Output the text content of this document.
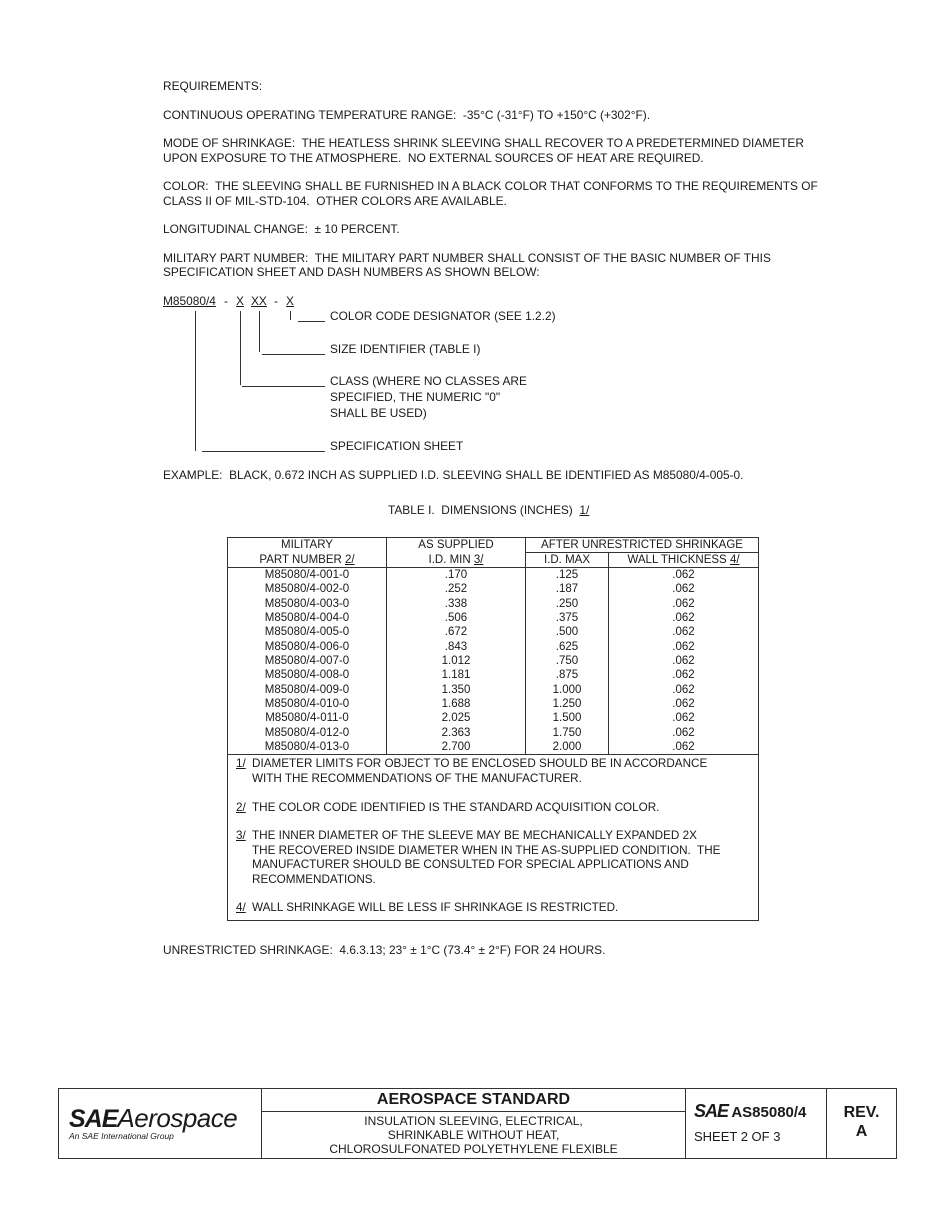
REQUIREMENTS:

CONTINUOUS OPERATING TEMPERATURE RANGE:  -35°C (-31°F) TO +150°C (+302°F).

MODE OF SHRINKAGE:  THE HEATLESS SHRINK SLEEVING SHALL RECOVER TO A PREDETERMINED DIAMETER

UPON EXPOSURE TO THE ATMOSPHERE.  NO EXTERNAL SOURCES OF HEAT ARE REQUIRED.

COLOR:  THE SLEEVING SHALL BE FURNISHED IN A BLACK COLOR THAT CONFORMS TO THE REQUIREMENTS OF

CLASS II OF MIL-STD-104.  OTHER COLORS ARE AVAILABLE.

LONGITUDINAL CHANGE:  ± 10 PERCENT.

MILITARY PART NUMBER:  THE MILITARY PART NUMBER SHALL CONSIST OF THE BASIC NUMBER OF THIS

SPECIFICATION SHEET AND DASH NUMBERS AS SHOWN BELOW:

M85080/4 - X XX - X
COLOR CODE DESIGNATOR (SEE 1.2.2)
SIZE IDENTIFIER (TABLE I)
CLASS (WHERE NO CLASSES ARE
SPECIFIED, THE NUMERIC "0"
SHALL BE USED)
SPECIFICATION SHEET

EXAMPLE:  BLACK, 0.672 INCH AS SUPPLIED I.D. SLEEVING SHALL BE IDENTIFIED AS M85080/4-005-0.

TABLE I.  DIMENSIONS (INCHES) 1/

MILITARY	AS SUPPLIED	AFTER UNRESTRICTED SHRINKAGE	
PART NUMBER 2/	I.D. MIN 3/	I.D. MAX	WALL THICKNESS 4/
M85080/4-001-0	.170	.125	.062
M85080/4-002-0	.252	.187	.062
M85080/4-003-0	.338	.250	.062
M85080/4-004-0	.506	.375	.062
M85080/4-005-0	.672	.500	.062
M85080/4-006-0	.843	.625	.062
M85080/4-007-0	1.012	.750	.062
M85080/4-008-0	1.181	.875	.062
M85080/4-009-0	1.350	1.000	.062
M85080/4-010-0	1.688	1.250	.062
M85080/4-011-0	2.025	1.500	.062
M85080/4-012-0	2.363	1.750	.062
M85080/4-013-0	2.700	2.000	.062
1/ DIAMETER LIMITS FOR OBJECT TO BE ENCLOSED SHOULD BE IN ACCORDANCE
WITH THE RECOMMENDATIONS OF THE MANUFACTURER.
2/ THE COLOR CODE IDENTIFIED IS THE STANDARD ACQUISITION COLOR.
3/ THE INNER DIAMETER OF THE SLEEVE MAY BE MECHANICALLY EXPANDED 2X
THE RECOVERED INSIDE DIAMETER WHEN IN THE AS-SUPPLIED CONDITION.  THE
MANUFACTURER SHOULD BE CONSULTED FOR SPECIAL APPLICATIONS AND
RECOMMENDATIONS.
4/ WALL SHRINKAGE WILL BE LESS IF SHRINKAGE IS RESTRICTED.

UNRESTRICTED SHRINKAGE:  4.6.3.13; 23° ± 1°C (73.4° ± 2°F) FOR 24 HOURS.

SAEAerospace
An SAE International Group
AEROSPACE STANDARD
INSULATION SLEEVING, ELECTRICAL,
SHRINKABLE WITHOUT HEAT,
CHLOROSULFONATED POLYETHYLENE FLEXIBLE
SAE AS85080/4
SHEET 2 OF 3
REV.
A
